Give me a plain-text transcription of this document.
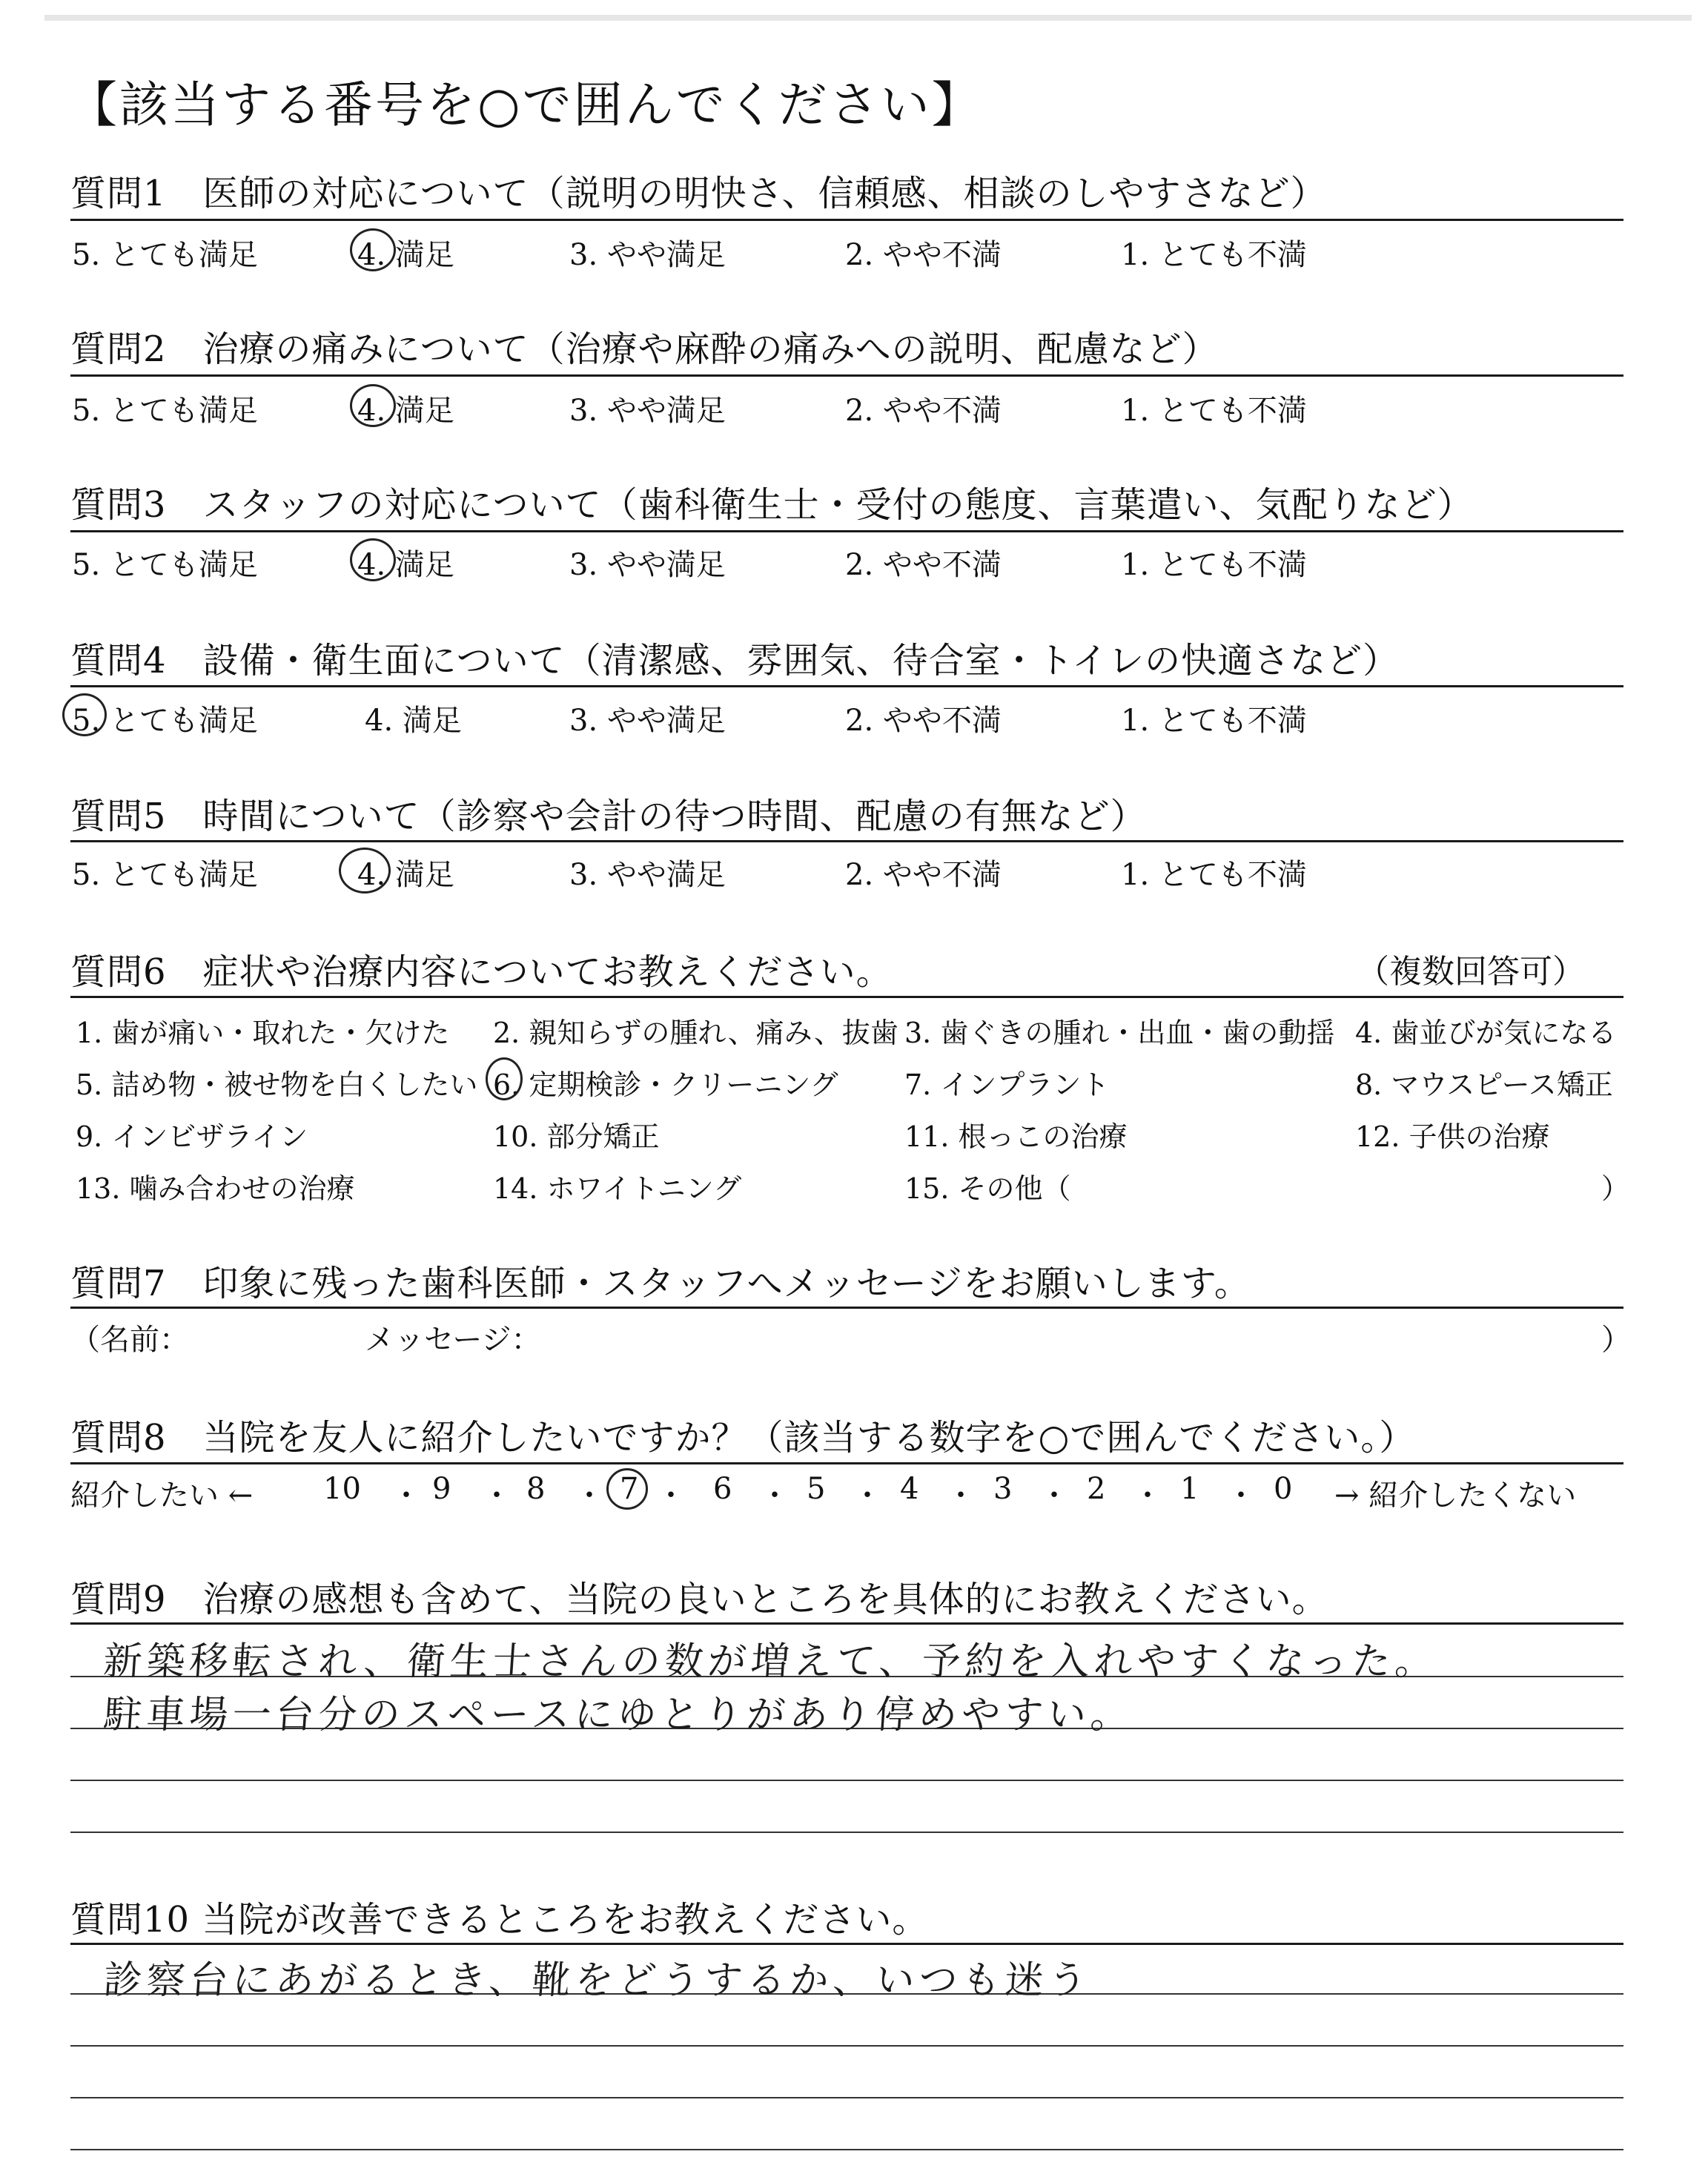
【該当する番号を○で囲んでください】
質問1　医師の対応について（説明の明快さ、信頼感、相談のしやすさなど）
5. とても満足	4. 満足	3. やや満足	2. やや不満	1. とても不満
質問2　治療の痛みについて（治療や麻酔の痛みへの説明、配慮など）
5. とても満足	4. 満足	3. やや満足	2. やや不満	1. とても不満
質問3　スタッフの対応について（歯科衛生士・受付の態度、言葉遣い、気配りなど）
5. とても満足	4. 満足	3. やや満足	2. やや不満	1. とても不満
質問4　設備・衛生面について（清潔感、雰囲気、待合室・トイレの快適さなど）
5. とても満足	4. 満足	3. やや満足	2. やや不満	1. とても不満
質問5　時間について（診察や会計の待つ時間、配慮の有無など）
5. とても満足	4. 満足	3. やや満足	2. やや不満	1. とても不満
質問6　症状や治療内容についてお教えください。	（複数回答可）
1. 歯が痛い・取れた・欠けた 2. 親知らずの腫れ、痛み、抜歯 3. 歯ぐきの腫れ・出血・歯の動揺 4. 歯並びが気になる
5. 詰め物・被せ物を白くしたい 6. 定期検診・クリーニング 7. インプラント	8. マウスピース矯正
9. インビザライン	10. 部分矯正	11. 根っこの治療	12. 子供の治療
13. 噛み合わせの治療	14. ホワイトニング	15. その他（	）
質問7　印象に残った歯科医師・スタッフへメッセージをお願いします。
（名前：	メッセージ：	）
質問8　当院を友人に紹介したいですか？（該当する数字を○で囲んでください。）
紹介したい ←	→ 紹介したくない
10 ・ 9 ・ 8 ・ 7 ・ 6 ・ 5 ・ 4 ・ 3 ・ 2 ・ 1 ・ 0
質問9　治療の感想も含めて、当院の良いところを具体的にお教えください。
新築移転され、衛生士さんの数が増えて、予約を入れやすくなった。
駐車場一台分のスペースにゆとりがあり停めやすい。
質問10 当院が改善できるところをお教えください。
診察台にあがるとき、靴をどうするか、いつも迷う
